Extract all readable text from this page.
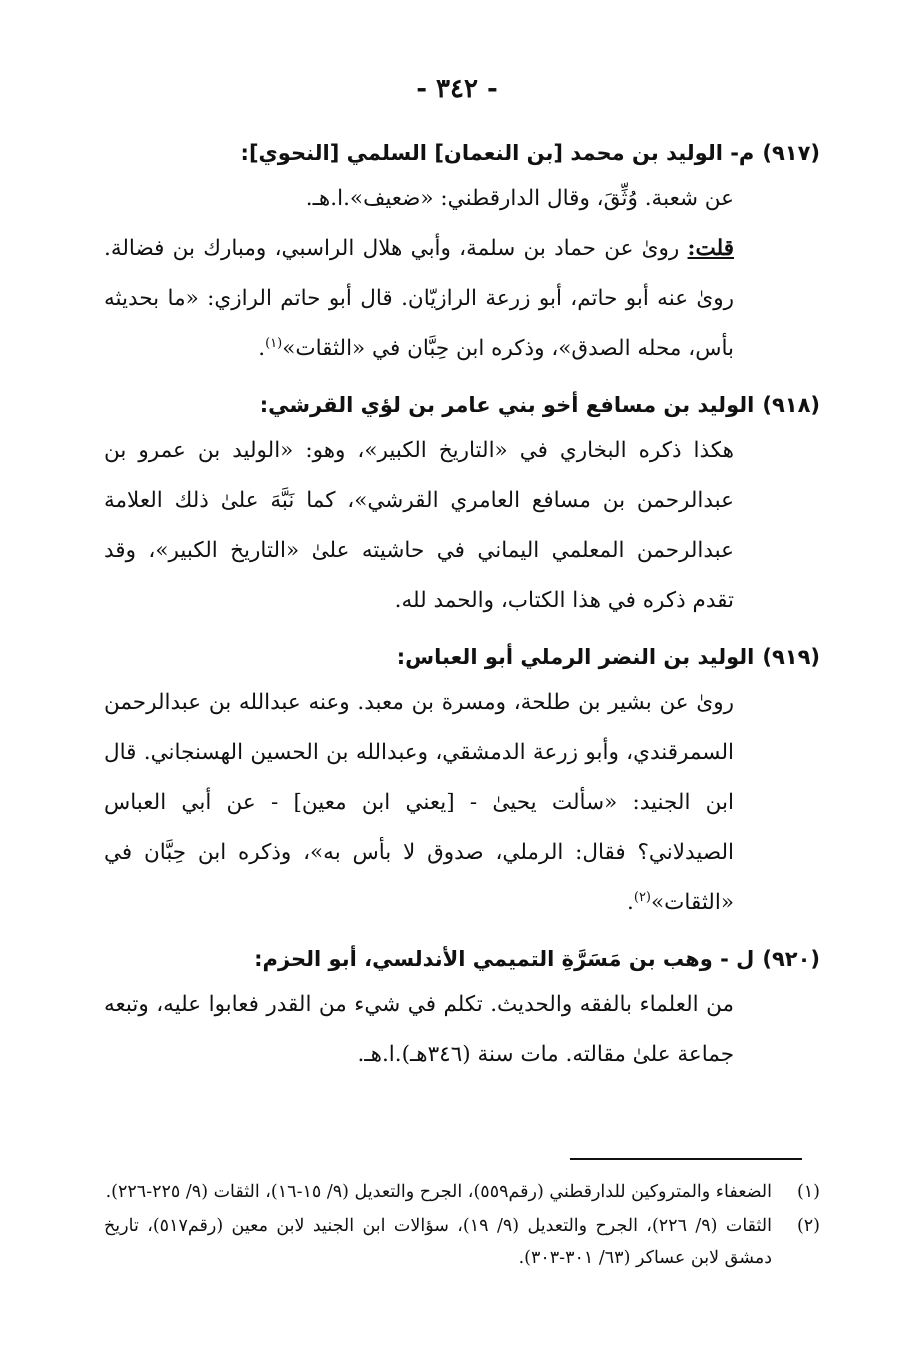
- ٣٤٢ -
(٩١٧)م- الوليد بن محمد [بن النعمان] السلمي [النحوي]:

عن شعبة. وُثِّقَ، وقال الدارقطني: «ضعيف».ا.هـ.

قلت: روىٰ عن حماد بن سلمة، وأبي هلال الراسبي، ومبارك بن فضالة. روىٰ عنه أبو حاتم، أبو زرعة الرازيّان. قال أبو حاتم الرازي: «ما بحديثه بأس، محله الصدق»، وذكره ابن حِبَّان في «الثقات»$^{(١)}$.

(٩١٨)الوليد بن مسافع أخو بني عامر بن لؤي القرشي:

هكذا ذكره البخاري في «التاريخ الكبير»، وهو: «الوليد بن عمرو بن عبدالرحمن بن مسافع العامري القرشي»، كما نَبَّهَ علىٰ ذلك العلامة عبدالرحمن المعلمي اليماني في حاشيته علىٰ «التاريخ الكبير»، وقد تقدم ذكره في هذا الكتاب، والحمد لله.

(٩١٩)الوليد بن النضر الرملي أبو العباس:

روىٰ عن بشير بن طلحة، ومسرة بن معبد. وعنه عبدالله بن عبدالرحمن السمرقندي، وأبو زرعة الدمشقي، وعبدالله بن الحسين الهسنجاني. قال ابن الجنيد: «سألت يحيىٰ - [يعني ابن معين] - عن أبي العباس الصيدلاني؟ فقال: الرملي، صدوق لا بأس به»، وذكره ابن حِبَّان في «الثقات»$^{(٢)}$.

(٩٢٠)ل - وهب بن مَسَرَّةِ التميمي الأندلسي، أبو الحزم:

من العلماء بالفقه والحديث. تكلم في شيء من القدر فعابوا عليه، وتبعه جماعة علىٰ مقالته. مات سنة (٣٤٦هـ).ا.هـ.

(١)
الضعفاء والمتروكين للدارقطني (رقم٥٥٩)، الجرح والتعديل (٩/ ١٥-١٦)، الثقات (٩/ ٢٢٥-٢٢٦).
(٢)
الثقات (٩/ ٢٢٦)، الجرح والتعديل (٩/ ١٩)، سؤالات ابن الجنيد لابن معين (رقم٥١٧)، تاريخ دمشق لابن عساكر (٦٣/ ٣٠١-٣٠٣).
